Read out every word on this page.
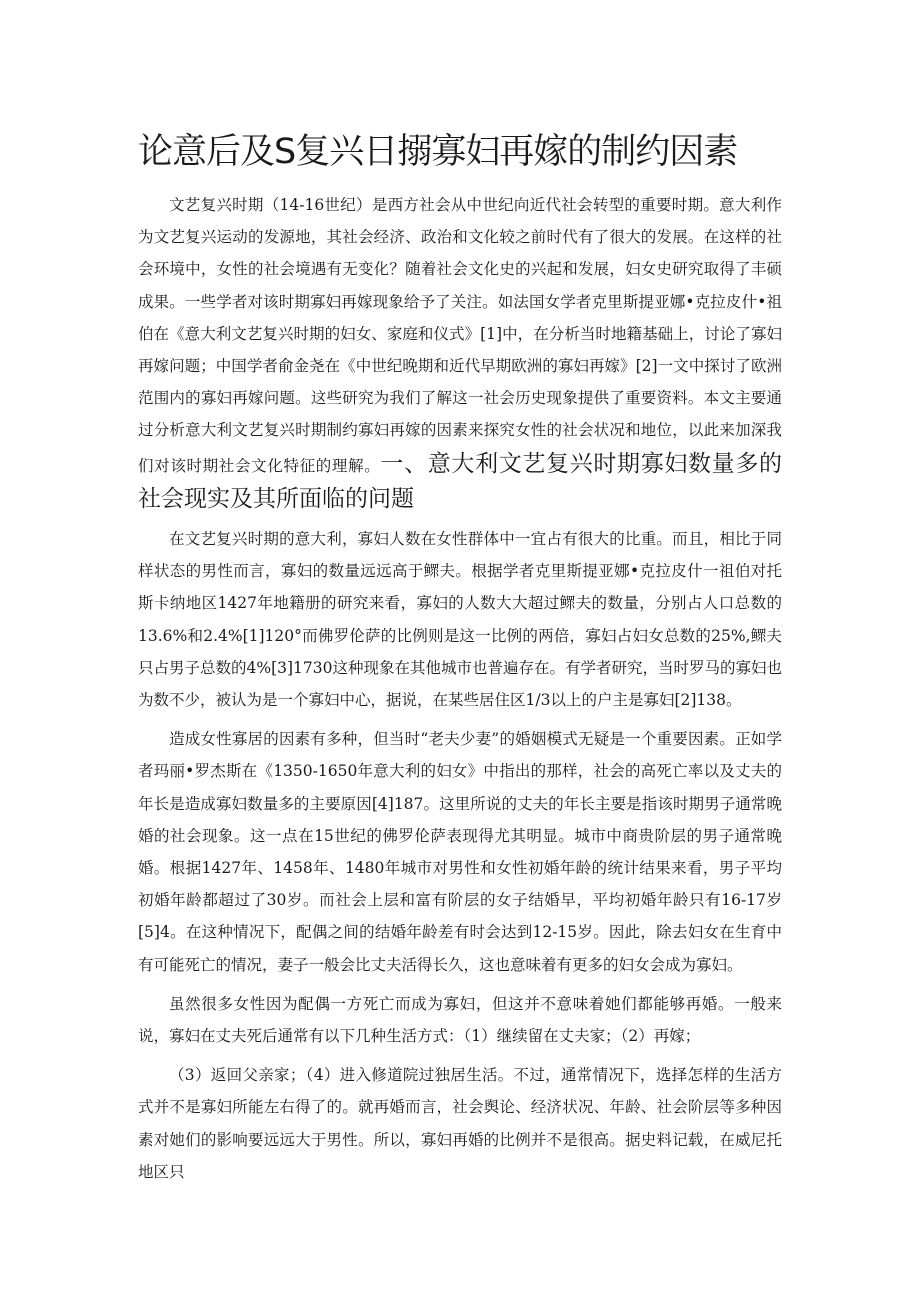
论意后及S复兴日搦寡妇再嫁的制约因素

文艺复兴时期（14-16世纪）是西方社会从中世纪向近代社会转型的重要时期。意大利作为文艺复兴运动的发源地，其社会经济、政治和文化较之前时代有了很大的发展。在这样的社会环境中，女性的社会境遇有无变化？随着社会文化史的兴起和发展，妇女史研究取得了丰硕成果。一些学者对该时期寡妇再嫁现象给予了关注。如法国女学者克里斯提亚娜•克拉皮什•祖伯在《意大利文艺复兴时期的妇女、家庭和仪式》[1]中，在分析当时地籍基础上，讨论了寡妇再嫁问题；中国学者俞金尧在《中世纪晚期和近代早期欧洲的寡妇再嫁》[2]一文中探讨了欧洲范围内的寡妇再嫁问题。这些研究为我们了解这一社会历史现象提供了重要资料。本文主要通过分析意大利文艺复兴时期制约寡妇再嫁的因素来探究女性的社会状况和地位，以此来加深我们对该时期社会文化特征的理解。一、意大利文艺复兴时期寡妇数量多的社会现实及其所面临的问题

在文艺复兴时期的意大利，寡妇人数在女性群体中一宜占有很大的比重。而且，相比于同样状态的男性而言，寡妇的数量远远高于鳏夫。根据学者克里斯提亚娜•克拉皮什一祖伯对托斯卡纳地区1427年地籍册的研究来看，寡妇的人数大大超过鳏夫的数量，分别占人口总数的13.6%和2.4%[1]120°而佛罗伦萨的比例则是这一比例的两倍，寡妇占妇女总数的25%,鳏夫只占男子总数的4%[3]1730这种现象在其他城市也普遍存在。有学者研究，当时罗马的寡妇也为数不少，被认为是一个寡妇中心，据说，在某些居住区1/3以上的户主是寡妇[2]138。

造成女性寡居的因素有多种，但当时“老夫少妻”的婚姻模式无疑是一个重要因素。正如学者玛丽•罗杰斯在《1350-1650年意大利的妇女》中指出的那样，社会的高死亡率以及丈夫的年长是造成寡妇数量多的主要原因[4]187。这里所说的丈夫的年长主要是指该时期男子通常晚婚的社会现象。这一点在15世纪的佛罗伦萨表现得尤其明显。城市中商贵阶层的男子通常晚婚。根据1427年、1458年、1480年城市对男性和女性初婚年龄的统计结果来看，男子平均初婚年龄都超过了30岁。而社会上层和富有阶层的女子结婚早，平均初婚年龄只有16-17岁[5]4。在这种情况下，配偶之间的结婚年龄差有时会达到12-15岁。因此，除去妇女在生育中有可能死亡的情况，妻子一般会比丈夫活得长久，这也意味着有更多的妇女会成为寡妇。

虽然很多女性因为配偶一方死亡而成为寡妇，但这并不意味着她们都能够再婚。一般来说，寡妇在丈夫死后通常有以下几种生活方式：（1）继续留在丈夫家；（2）再嫁；

（3）返回父亲家；（4）进入修道院过独居生活。不过，通常情况下，选择怎样的生活方式并不是寡妇所能左右得了的。就再婚而言，社会舆论、经济状况、年龄、社会阶层等多种因素对她们的影响要远远大于男性。所以，寡妇再婚的比例并不是很高。据史料记载，在威尼托地区只
